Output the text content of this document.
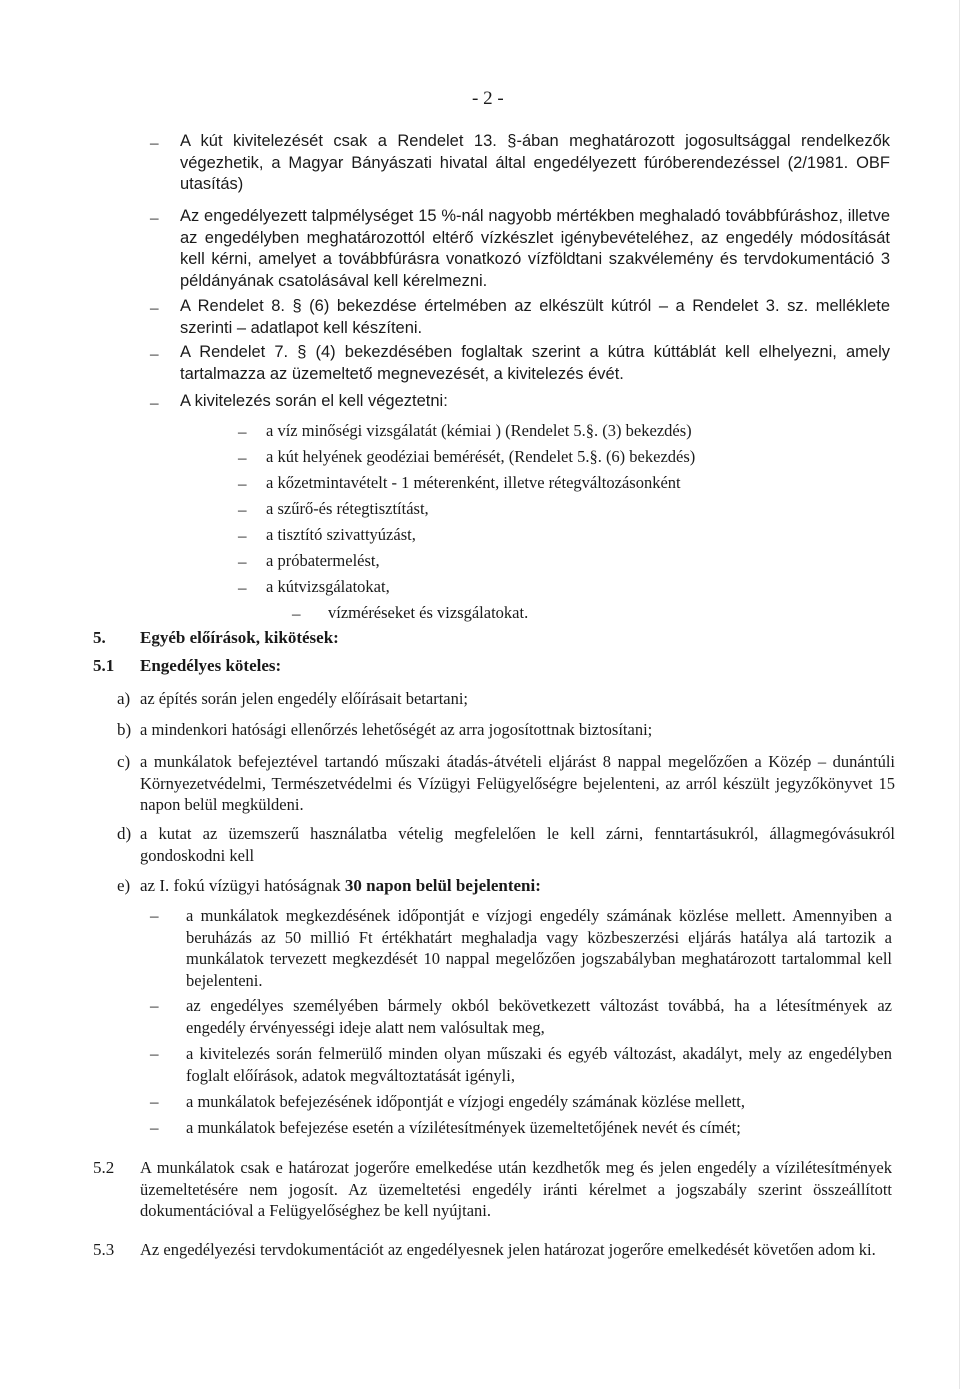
- 2 -
– A kút kivitelezését csak a Rendelet 13. §-ában meghatározott jogosultsággal rendelkezők végezhetik, a Magyar Bányászati hivatal által engedélyezett fúróberendezéssel (2/1981. OBF utasítás)
– Az engedélyezett talpmélységet 15 %-nál nagyobb mértékben meghaladó továbbfúráshoz, illetve az engedélyben meghatározottól eltérő vízkészlet igénybevételéhez, az engedély módosítását kell kérni, amelyet a továbbfúrásra vonatkozó vízföldtani szakvélemény és tervdokumentáció 3 példányának csatolásával kell kérelmezni.
– A Rendelet 8. § (6) bekezdése értelmében az elkészült kútról – a Rendelet 3. sz. melléklete szerinti – adatlapot kell készíteni.
– A Rendelet 7. § (4) bekezdésében foglaltak szerint a kútra kúttáblát kell elhelyezni, amely tartalmazza az üzemeltető megnevezését, a kivitelezés évét.
– A kivitelezés során el kell végeztetni:
– a víz minőségi vizsgálatát (kémiai ) (Rendelet 5.§. (3) bekezdés)
– a kút helyének geodéziai bemérését, (Rendelet 5.§. (6) bekezdés)
– a kőzetmintavételt - 1 méterenként, illetve rétegváltozásonként
– a szűrő-és rétegtisztítást,
– a tisztító szivattyúzást,
– a próbatermelést,
– a kútvizsgálatokat,
– vízméréseket és vizsgálatokat.
5. Egyéb előírások, kikötések:
5.1 Engedélyes köteles:
a) az építés során jelen engedély előírásait betartani;
b) a mindenkori hatósági ellenőrzés lehetőségét az arra jogosítottnak biztosítani;
c) a munkálatok befejeztével tartandó műszaki átadás-átvételi eljárást 8 nappal megelőzően a Közép – dunántúli Környezetvédelmi, Természetvédelmi és Vízügyi Felügyelőségre bejelenteni, az arról készült jegyzőkönyvet 15 napon belül megküldeni.
d) a kutat az üzemszerű használatba vételig megfelelően le kell zárni, fenntartásukról, állagmegóvásukról gondoskodni kell
e) az I. fokú vízügyi hatóságnak 30 napon belül bejelenteni:
– a munkálatok megkezdésének időpontját e vízjogi engedély számának közlése mellett. Amennyiben a beruházás az 50 millió Ft értékhatárt meghaladja vagy közbeszerzési eljárás hatálya alá tartozik a munkálatok tervezett megkezdését 10 nappal megelőzően jogszabályban meghatározott tartalommal kell bejelenteni.
– az engedélyes személyében bármely okból bekövetkezett változást továbbá, ha a létesítmények az engedély érvényességi ideje alatt nem valósultak meg,
– a kivitelezés során felmerülő minden olyan műszaki és egyéb változást, akadályt, mely az engedélyben foglalt előírások, adatok megváltoztatását igényli,
– a munkálatok befejezésének időpontját e vízjogi engedély számának közlése mellett,
– a munkálatok befejezése esetén a vízilétesítmények üzemeltetőjének nevét és címét;
5.2 A munkálatok csak e határozat jogerőre emelkedése után kezdhetők meg és jelen engedély a vízilétesítmények üzemeltetésére nem jogosít. Az üzemeltetési engedély iránti kérelmet a jogszabály szerint összeállított dokumentációval a Felügyelőséghez be kell nyújtani.
5.3 Az engedélyezési tervdokumentációt az engedélyesnek jelen határozat jogerőre emelkedését követően adom ki.
